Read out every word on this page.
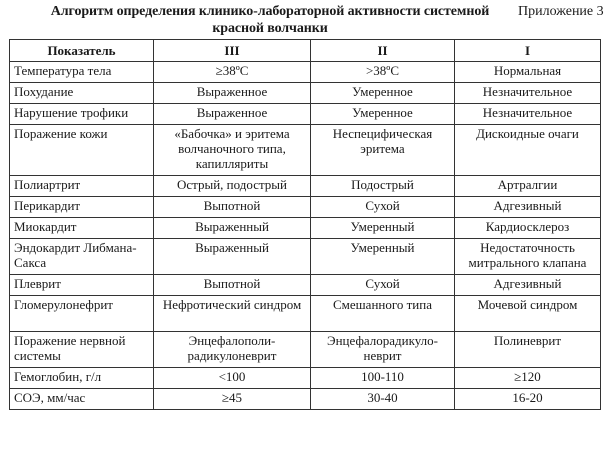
Алгоритм определения клинико-лабораторной активности системной красной волчанки
Приложение 3
Показатель	III	II	I
Температура тела	≥38ºС	>38ºС	Нормальная
Похудание	Выраженное	Умеренное	Незначительное
Нарушение трофики	Выраженное	Умеренное	Незначительное
Поражение кожи	«Бабочка» и эритема волчаночного типа, капилляриты	Неспецифическая эритема	Дискоидные очаги
Полиартрит	Острый, подострый	Подострый	Артралгии
Перикардит	Выпотной	Сухой	Адгезивный
Миокардит	Выраженный	Умеренный	Кардиосклероз
Эндокардит Либмана-Сакса	Выраженный	Умеренный	Недостаточность митрального клапана
Плеврит	Выпотной	Сухой	Адгезивный
Гломерулонефрит	Нефротический синдром	Смешанного типа	Мочевой синдром
Поражение нервной системы	Энцефалополи-радикулоневрит	Энцефалорадикуло-неврит	Полиневрит
Гемоглобин, г/л	<100	100-110	≥120
СОЭ, мм/час	≥45	30-40	16-20
